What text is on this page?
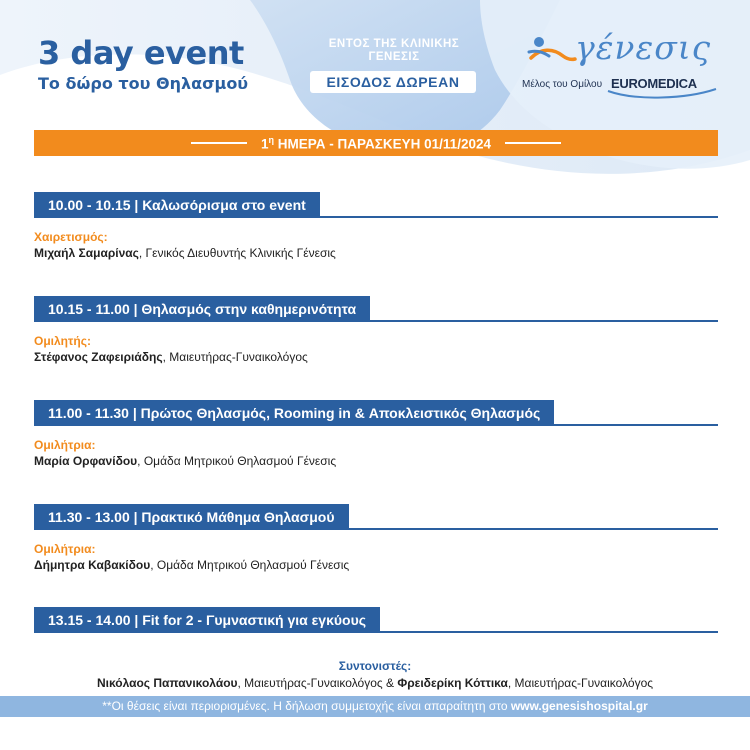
3 day event
Το δώρο του Θηλασμού
ΕΝΤΟΣ ΤΗΣ ΚΛΙΝΙΚΗΣ
ΓΕΝΕΣΙΣ
ΕΙΣΟΔΟΣ ΔΩΡΕΑΝ
γένεσις
Μέλος του Ομίλου EUROMEDICA
$1^\eta$ ΗΜΕΡΑ - ΠΑΡΑΣΚΕΥΗ 01/11/2024
10.00 - 10.15 | Καλωσόρισμα στο event
Χαιρετισμός:
Μιχαήλ Σαμαρίνας, Γενικός Διευθυντής Κλινικής Γένεσις
10.15 - 11.00 | Θηλασμός στην καθημερινότητα
Ομιλητής:
Στέφανος Ζαφειριάδης, Μαιευτήρας-Γυναικολόγος
11.00 - 11.30 | Πρώτος Θηλασμός, Rooming in & Αποκλειστικός Θηλασμός
Ομιλήτρια:
Μαρία Ορφανίδου, Ομάδα Μητρικού Θηλασμού Γένεσις
11.30 - 13.00 | Πρακτικό Μάθημα Θηλασμού
Ομιλήτρια:
Δήμητρα Καβακίδου, Ομάδα Μητρικού Θηλασμού Γένεσις
13.15 - 14.00 | Fit for 2 - Γυμναστική για εγκύους
Συντονιστές:
Νικόλαος Παπανικολάου, Μαιευτήρας-Γυναικολόγος & Φρειδερίκη Κόττικα, Μαιευτήρας-Γυναικολόγος
**Οι θέσεις είναι περιορισμένες. Η δήλωση συμμετοχής είναι απαραίτητη στο www.genesishospital.gr
